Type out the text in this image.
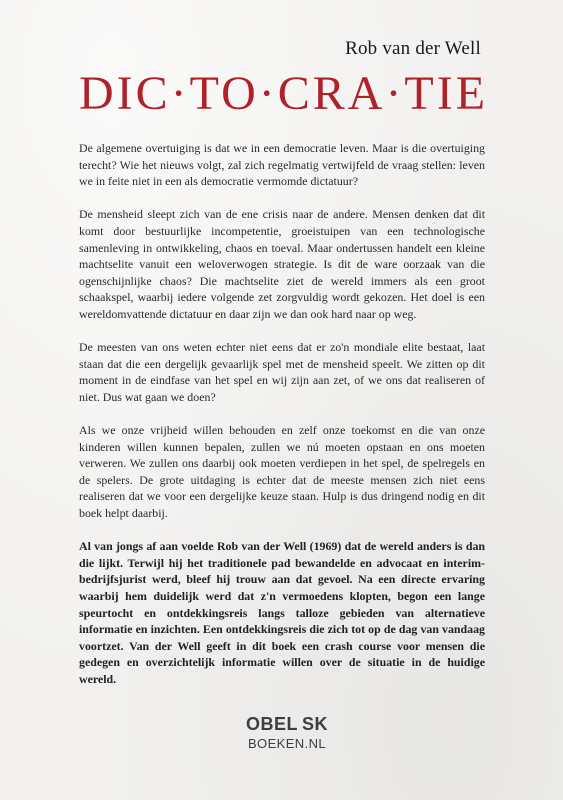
Rob van der Well
DIC·TO·CRA·TIE

De algemene overtuiging is dat we in een democratie leven. Maar is die overtuiging terecht? Wie het nieuws volgt, zal zich regelmatig vertwijfeld de vraag stellen: leven we in feite niet in een als democratie vermomde dictatuur?

De mensheid sleept zich van de ene crisis naar de andere. Mensen denken dat dit komt door bestuurlijke incompetentie, groeistuipen van een technologische samenleving in ontwikkeling, chaos en toeval. Maar ondertussen handelt een kleine machtselite vanuit een weloverwogen strategie. Is dit de ware oorzaak van die ogenschijnlijke chaos? Die machtselite ziet de wereld immers als een groot schaakspel, waarbij iedere volgende zet zorgvuldig wordt gekozen. Het doel is een wereldomvattende dictatuur en daar zijn we dan ook hard naar op weg.

De meesten van ons weten echter niet eens dat er zo'n mondiale elite bestaat, laat staan dat die een dergelijk gevaarlijk spel met de mensheid speelt. We zitten op dit moment in de eindfase van het spel en wij zijn aan zet, of we ons dat realiseren of niet. Dus wat gaan we doen?

Als we onze vrijheid willen behouden en zelf onze toekomst en die van onze kinderen willen kunnen bepalen, zullen we nú moeten opstaan en ons moeten verweren. We zullen ons daarbij ook moeten verdiepen in het spel, de spelregels en de spelers. De grote uitdaging is echter dat de meeste mensen zich niet eens realiseren dat we voor een dergelijke keuze staan. Hulp is dus dringend nodig en dit boek helpt daarbij.

Al van jongs af aan voelde Rob van der Well (1969) dat de wereld anders is dan die lijkt. Terwijl hij het traditionele pad bewandelde en advocaat en interim-bedrijfsjurist werd, bleef hij trouw aan dat gevoel. Na een directe ervaring waarbij hem duidelijk werd dat z'n vermoedens klopten, begon een lange speurtocht en ontdekkingsreis langs talloze gebieden van alternatieve informatie en inzichten. Een ontdekkingsreis die zich tot op de dag van vandaag voortzet. Van der Well geeft in dit boek een crash course voor mensen die gedegen en overzichtelijk informatie willen over de situatie in de huidige wereld.

OBEL SK
BOEKEN.NL
